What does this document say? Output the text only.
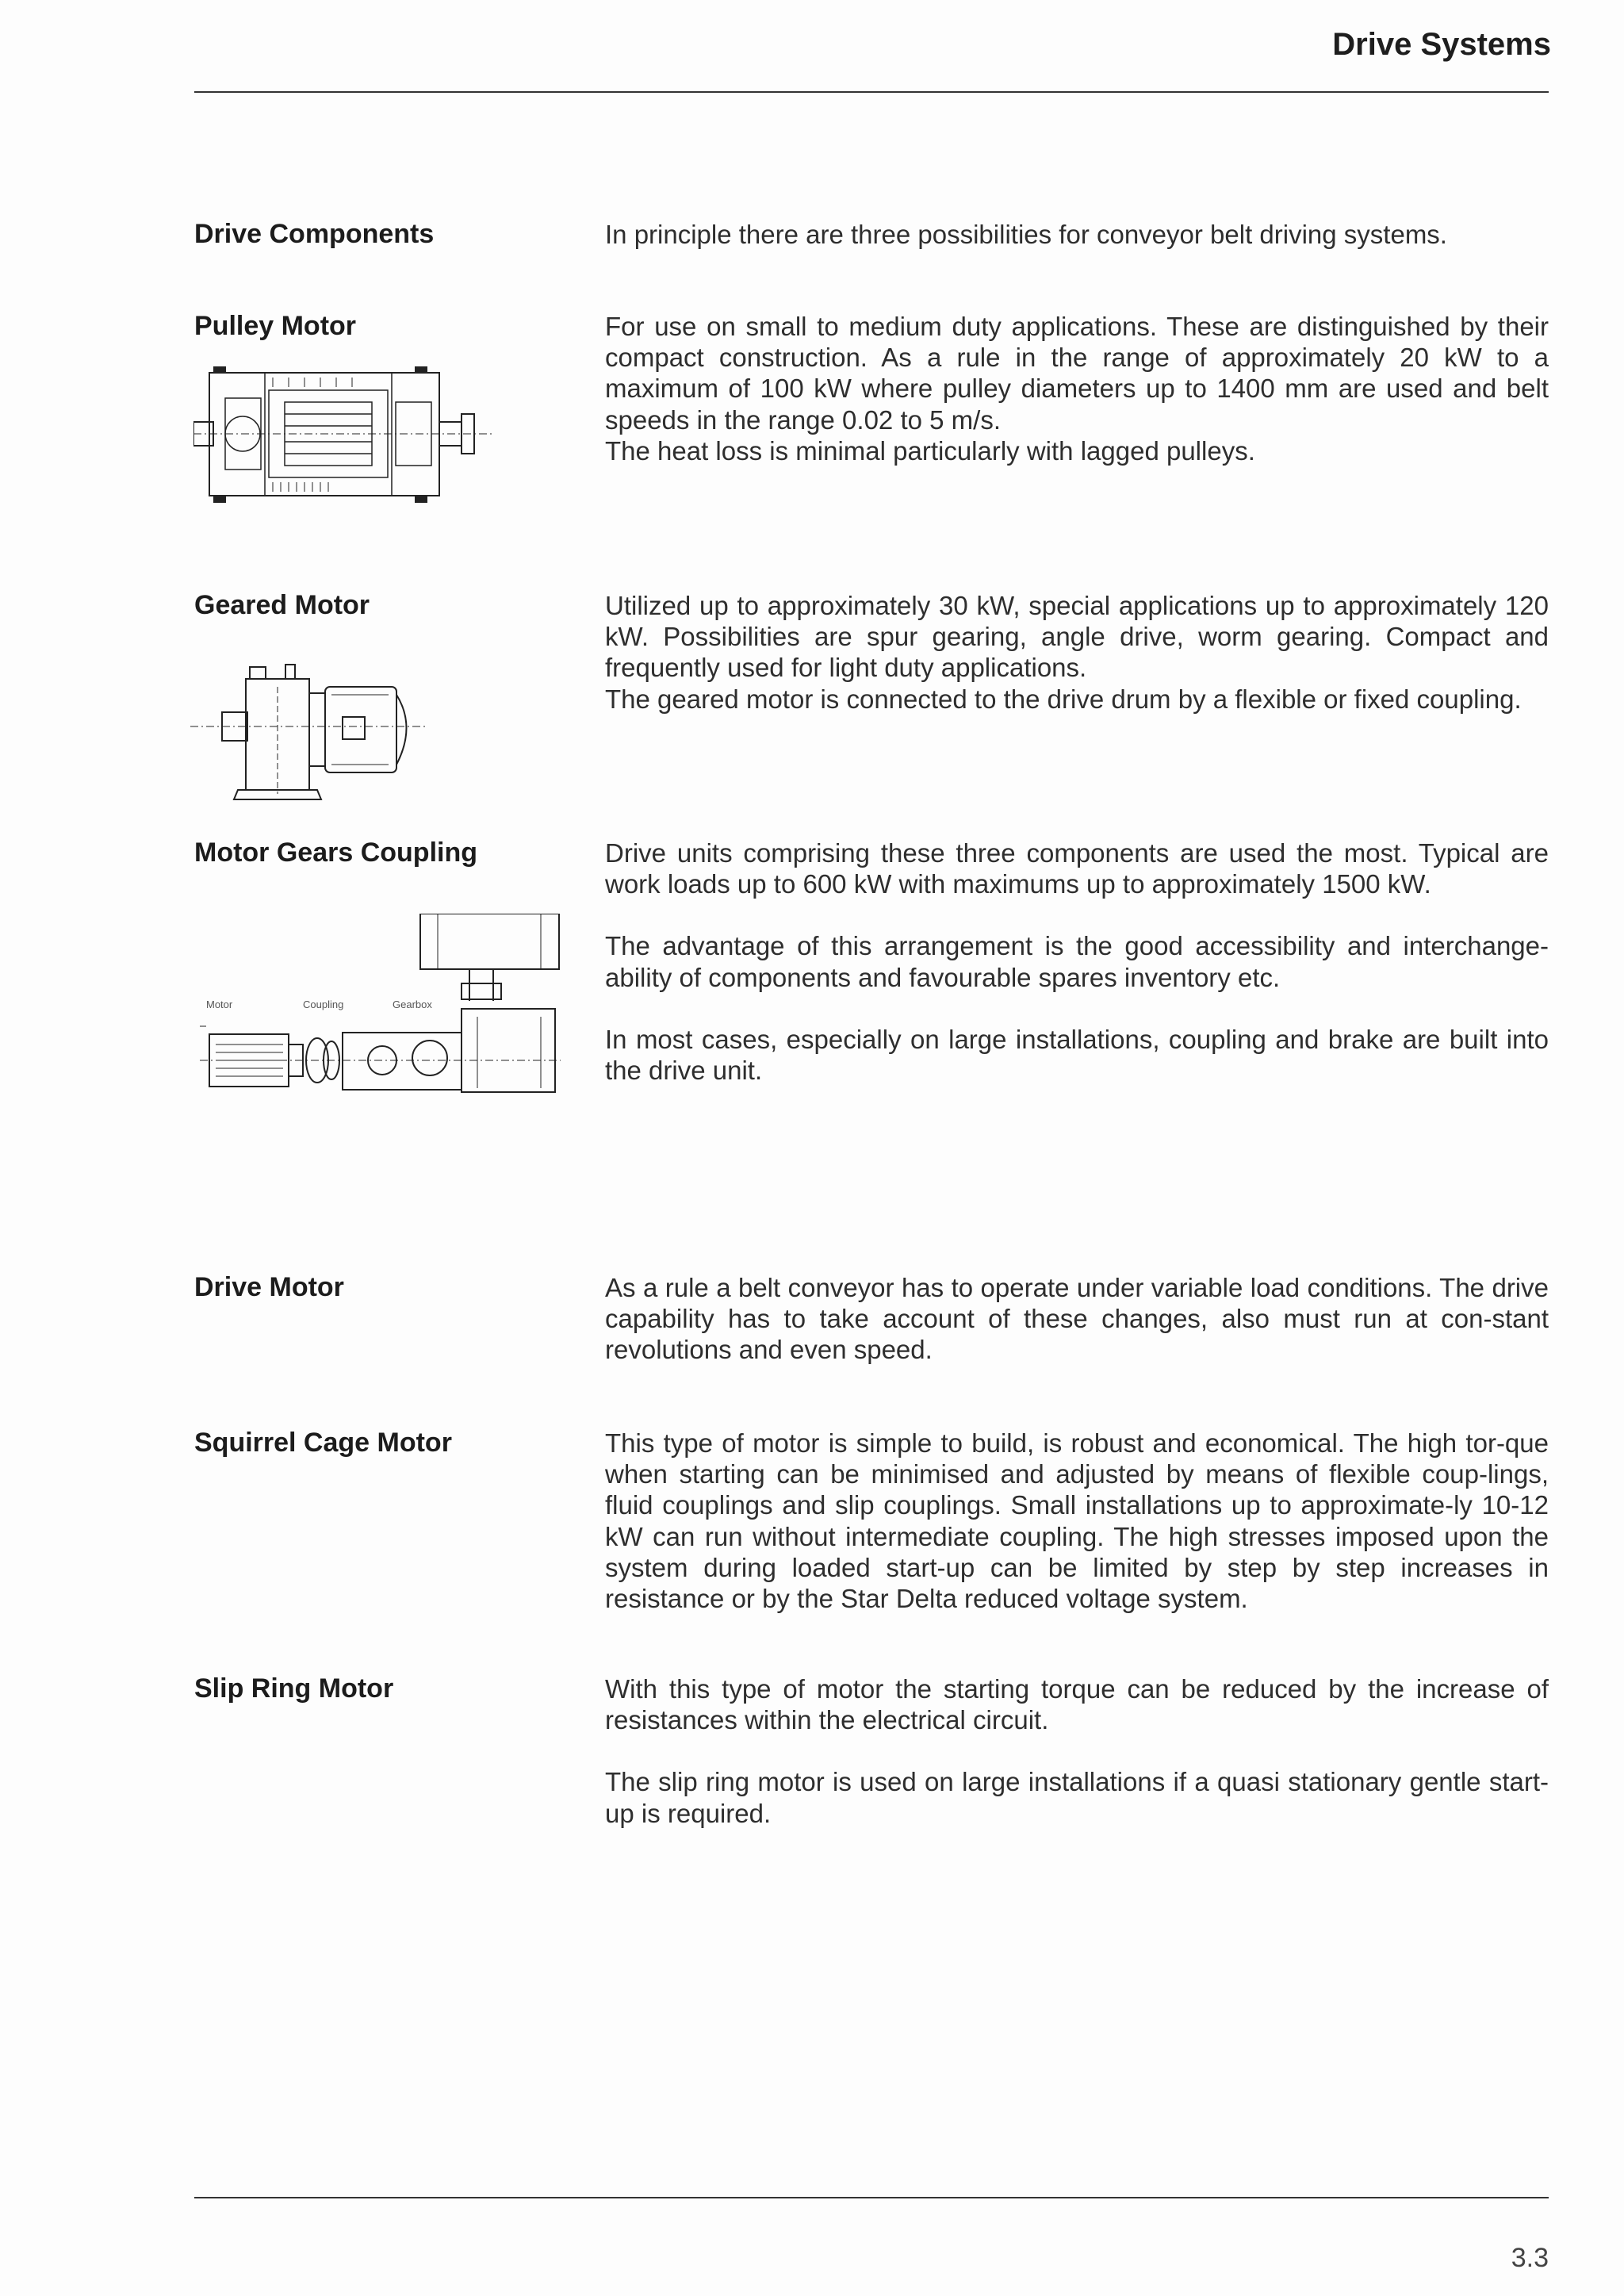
Drive Systems
Drive Components	In principle there are three possibilities for conveyor belt driving systems.

Pulley Motor	For use on small to medium duty applications. These are distinguished by their compact construction. As a rule in the range of approximately 20 kW to a maximum of 100 kW where pulley diameters up to 1400 mm are used and belt speeds in the range 0.02 to 5 m/s.

The heat loss is minimal particularly with lagged pulleys.

Geared Motor	Utilized up to approximately 30 kW, special applications up to approximately 120 kW. Possibilities are spur gearing, angle drive, worm gearing. Compact and frequently used for light duty applications.

The geared motor is connected to the drive drum by a flexible or fixed coupling.

Motor Gears Coupling	Drive units comprising these three components are used the most. Typical are work loads up to 600 kW with maximums up to approximately 1500 kW.

The advantage of this arrangement is the good accessibility and interchange-ability of components and favourable spares inventory etc.

In most cases, especially on large installations, coupling and brake are built into the drive unit.

Motor	Coupling	Gearbox
Drive Motor	As a rule a belt conveyor has to operate under variable load conditions. The drive capability has to take account of these changes, also must run at con-stant revolutions and even speed.

Squirrel Cage Motor	This type of motor is simple to build, is robust and economical. The high tor-que when starting can be minimised and adjusted by means of flexible coup-lings, fluid couplings and slip couplings. Small installations up to approximate-ly 10-12 kW can run without intermediate coupling. The high stresses imposed upon the system during loaded start-up can be limited by step by step increases in resistance or by the Star Delta reduced voltage system.

Slip Ring Motor	With this type of motor the starting torque can be reduced by the increase of resistances within the electrical circuit.

The slip ring motor is used on large installations if a quasi stationary gentle start-up is required.

3.3
